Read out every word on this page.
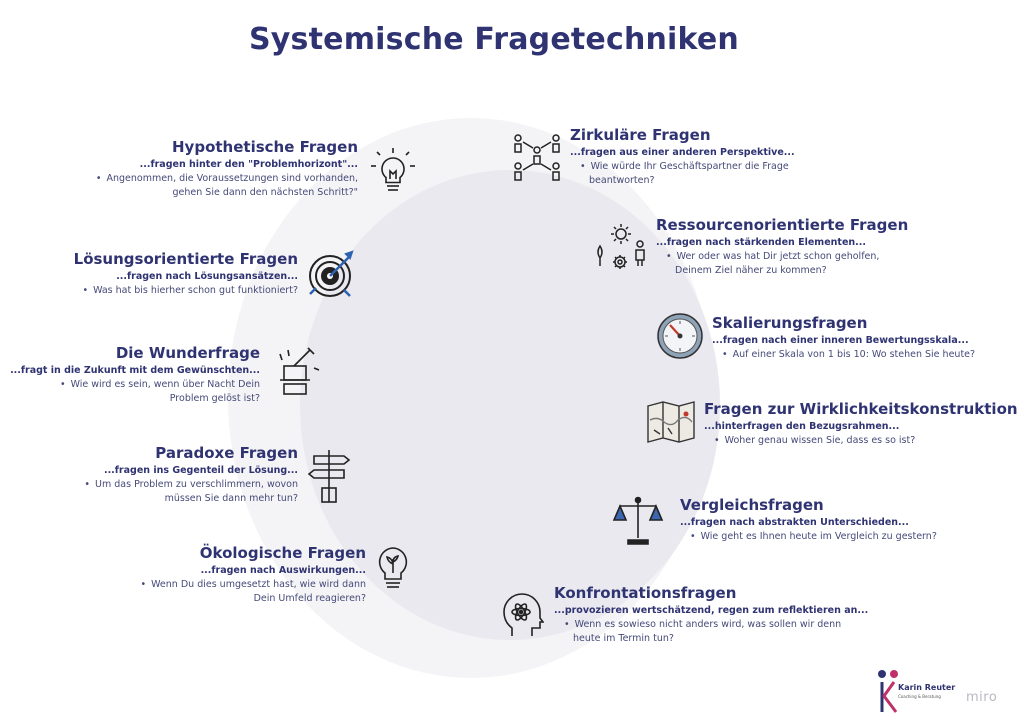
Systemische Fragetechniken
Hypothetische Fragen
...fragen hinter den "Problemhorizont"...
• Angenommen, die Voraussetzungen sind vorhanden,
gehen Sie dann den nächsten Schritt?"
Lösungsorientierte Fragen
...fragen nach Lösungsansätzen...
• Was hat bis hierher schon gut funktioniert?
Die Wunderfrage
...fragt in die Zukunft mit dem Gewünschten...
• Wie wird es sein, wenn über Nacht Dein
Problem gelöst ist?
Paradoxe Fragen
...fragen ins Gegenteil der Lösung...
• Um das Problem zu verschlimmern, wovon
müssen Sie dann mehr tun?
Ökologische Fragen
...fragen nach Auswirkungen...
• Wenn Du dies umgesetzt hast, wie wird dann
Dein Umfeld reagieren?
Zirkuläre Fragen
...fragen aus einer anderen Perspektive...
• Wie würde Ihr Geschäftspartner die Frage
beantworten?
Ressourcenorientierte Fragen
...fragen nach stärkenden Elementen...
• Wer oder was hat Dir jetzt schon geholfen,
Deinem Ziel näher zu kommen?
Skalierungsfragen
...fragen nach einer inneren Bewertungsskala...
• Auf einer Skala von 1 bis 10: Wo stehen Sie heute?
Fragen zur Wirklichkeitskonstruktion
...hinterfragen den Bezugsrahmen...
• Woher genau wissen Sie, dass es so ist?
Vergleichsfragen
...fragen nach abstrakten Unterschieden...
• Wie geht es Ihnen heute im Vergleich zu gestern?
Konfrontationsfragen
...provozieren wertschätzend, regen zum reflektieren an...
• Wenn es sowieso nicht anders wird, was sollen wir denn
heute im Termin tun?
Karin Reuter
Coaching & Beratung miro
